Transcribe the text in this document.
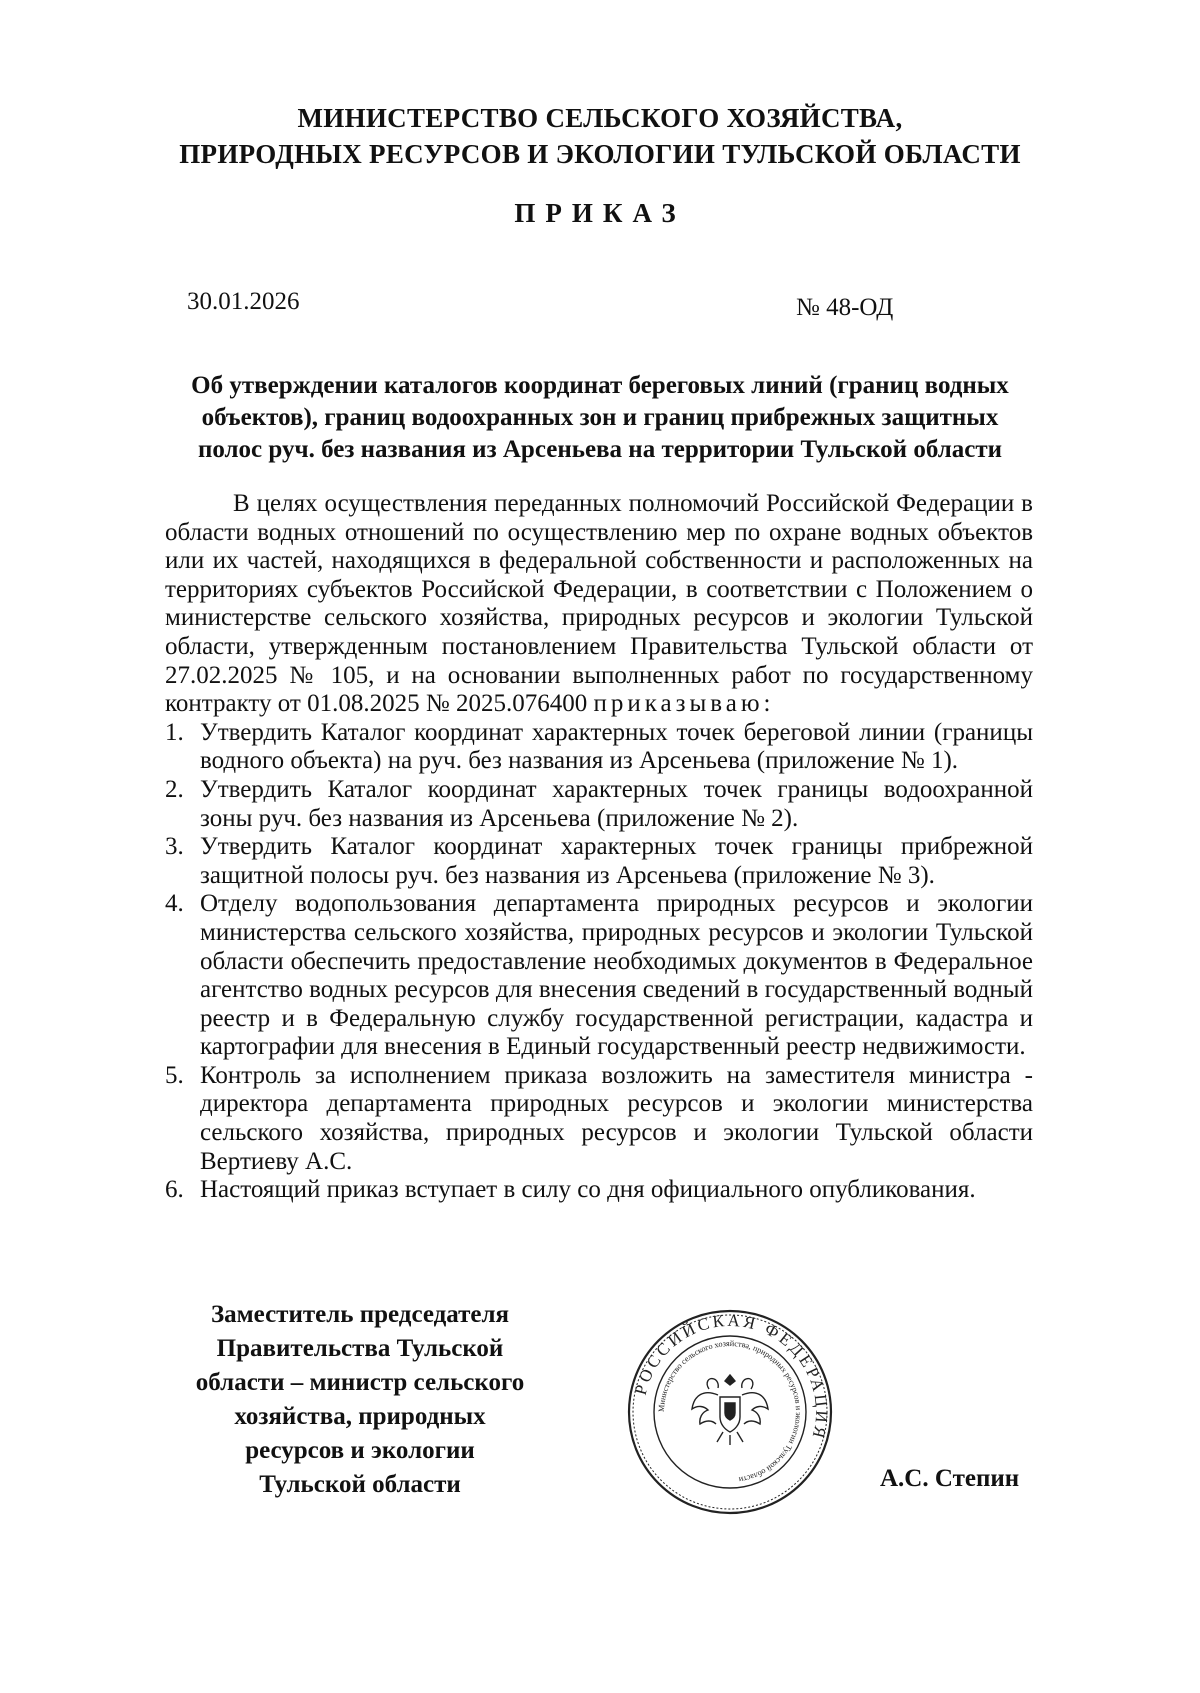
МИНИСТЕРСТВО СЕЛЬСКОГО ХОЗЯЙСТВА,
ПРИРОДНЫХ РЕСУРСОВ И ЭКОЛОГИИ ТУЛЬСКОЙ ОБЛАСТИ
ПРИКАЗ
30.01.2026	№ 48-ОД
Об утверждении каталогов координат береговых линий (границ водных
объектов), границ водоохранных зон и границ прибрежных защитных
полос руч. без названия из Арсеньева на территории Тульской области

В целях осуществления переданных полномочий Российской Федерации в области водных отношений по осуществлению мер по охране водных объектов или их частей, находящихся в федеральной собственности и расположенных на территориях субъектов Российской Федерации, в соответствии с Положением о министерстве сельского хозяйства, природных ресурсов и экологии Тульской области, утвержденным постановлением Правительства Тульской области от 27.02.2025 № 105, и на основании выполненных работ по государственному контракту от 01.08.2025 № 2025.076400 приказываю:

1. Утвердить Каталог координат характерных точек береговой линии (границы водного объекта) на руч. без названия из Арсеньева (приложение № 1).
2. Утвердить Каталог координат характерных точек границы водоохранной зоны руч. без названия из Арсеньева (приложение № 2).
3. Утвердить Каталог координат характерных точек границы прибрежной защитной полосы руч. без названия из Арсеньева (приложение № 3).
4. Отделу водопользования департамента природных ресурсов и экологии министерства сельского хозяйства, природных ресурсов и экологии Тульской области обеспечить предоставление необходимых документов в Федеральное агентство водных ресурсов для внесения сведений в государственный водный реестр и в Федеральную службу государственной регистрации, кадастра и картографии для внесения в Единый государственный реестр недвижимости.
5. Контроль за исполнением приказа возложить на заместителя министра - директора департамента природных ресурсов и экологии министерства сельского хозяйства, природных ресурсов и экологии Тульской области Вертиеву А.С.
6. Настоящий приказ вступает в силу со дня официального опубликования.
Заместитель председателя
Правительства Тульской
области – министр сельского
хозяйства, природных
ресурсов и экологии
Тульской области
РОССИЙСКАЯ ФЕДЕРАЦИЯ
Министерство сельского хозяйства, природных ресурсов и экологии Тульской области	А.С. Степин
